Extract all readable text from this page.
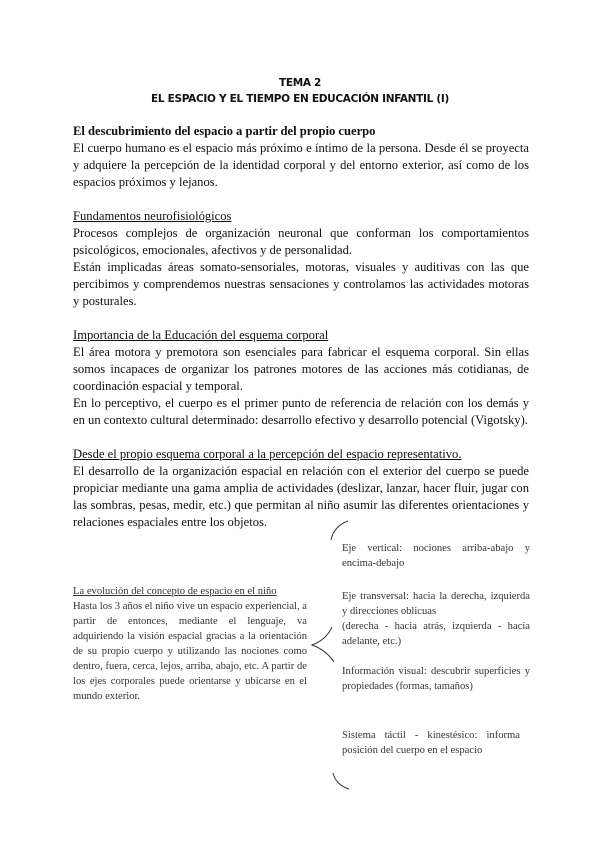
TEMA 2
EL ESPACIO Y EL TIEMPO EN EDUCACIÓN INFANTIL (I)

El descubrimiento del espacio a partir del propio cuerpo

El cuerpo humano es el espacio más próximo e íntimo de la persona. Desde él se proyecta y adquiere la percepción de la identidad corporal y del entorno exterior, así como de los espacios próximos y lejanos.

Fundamentos neurofisiológicos

Procesos complejos de organización neuronal que conforman los comportamientos psicológicos, emocionales, afectivos y de personalidad.

Están implicadas áreas somato-sensoriales, motoras, visuales y auditivas con las que percibimos y comprendemos nuestras sensaciones y controlamos las actividades motoras y posturales.

Importancia de la Educación del esquema corporal

El área motora y premotora son esenciales para fabricar el esquema corporal. Sin ellas somos incapaces de organizar los patrones motores de las acciones más cotidianas, de coordinación espacial y temporal.

En lo perceptivo, el cuerpo es el primer punto de referencia de relación con los demás y en un contexto cultural determinado: desarrollo efectivo y desarrollo potencial (Vigotsky).

Desde el propio esquema corporal a la percepción del espacio representativo.

El desarrollo de la organización espacial en relación con el exterior del cuerpo se puede propiciar mediante una gama amplia de actividades (deslizar, lanzar, hacer fluir, jugar con las sombras, pesas, medir, etc.) que permitan al niño asumir las diferentes orientaciones y relaciones espaciales entre los objetos.

La evolución del concepto de espacio en el niño

Hasta los 3 años el niño vive un espacio experiencial, a partir de entonces, mediante el lenguaje, va adquiriendo la visión espacial gracias a la orientación de su propio cuerpo y utilizando las nociones como dentro, fuera, cerca, lejos, arriba, abajo, etc. A partir de los ejes corporales puede orientarse y ubicarse en el mundo exterior.

Eje vertical: nociones arriba-abajo y encima-debajo

Eje transversal: hacia la derecha, izquierda y direcciones oblicuas

(derecha - hacia atrás, izquierda - hacia adelante, etc.)

Información visual: descubrir superficies y propiedades (formas, tamaños)

Sistema táctil - kinestésico: informa posición del cuerpo en el espacio
